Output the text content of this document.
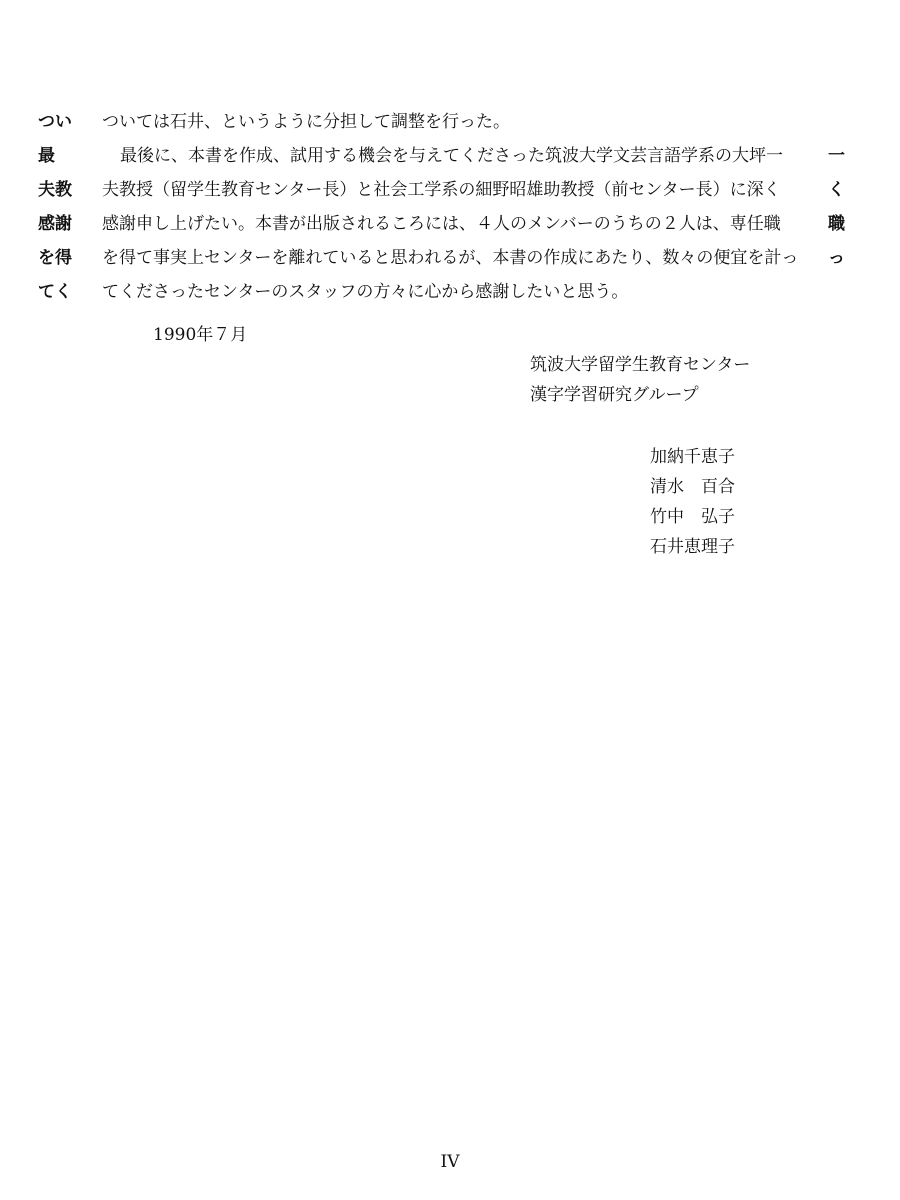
つい
最
夫教
感謝
を得
てく
一
く
職
っ
ついては石井、というように分担して調整を行った。
最後に、本書を作成、試用する機会を与えてくださった筑波大学文芸言語学系の大坪一
夫教授（留学生教育センター長）と社会工学系の細野昭雄助教授（前センター長）に深く
感謝申し上げたい。本書が出版されるころには、４人のメンバーのうちの２人は、専任職
を得て事実上センターを離れていると思われるが、本書の作成にあたり、数々の便宜を計っ
てくださったセンターのスタッフの方々に心から感謝したいと思う。
1990年７月
筑波大学留学生教育センター
漢字学習研究グループ
加納千恵子
清水　百合
竹中　弘子
石井恵理子
IV
